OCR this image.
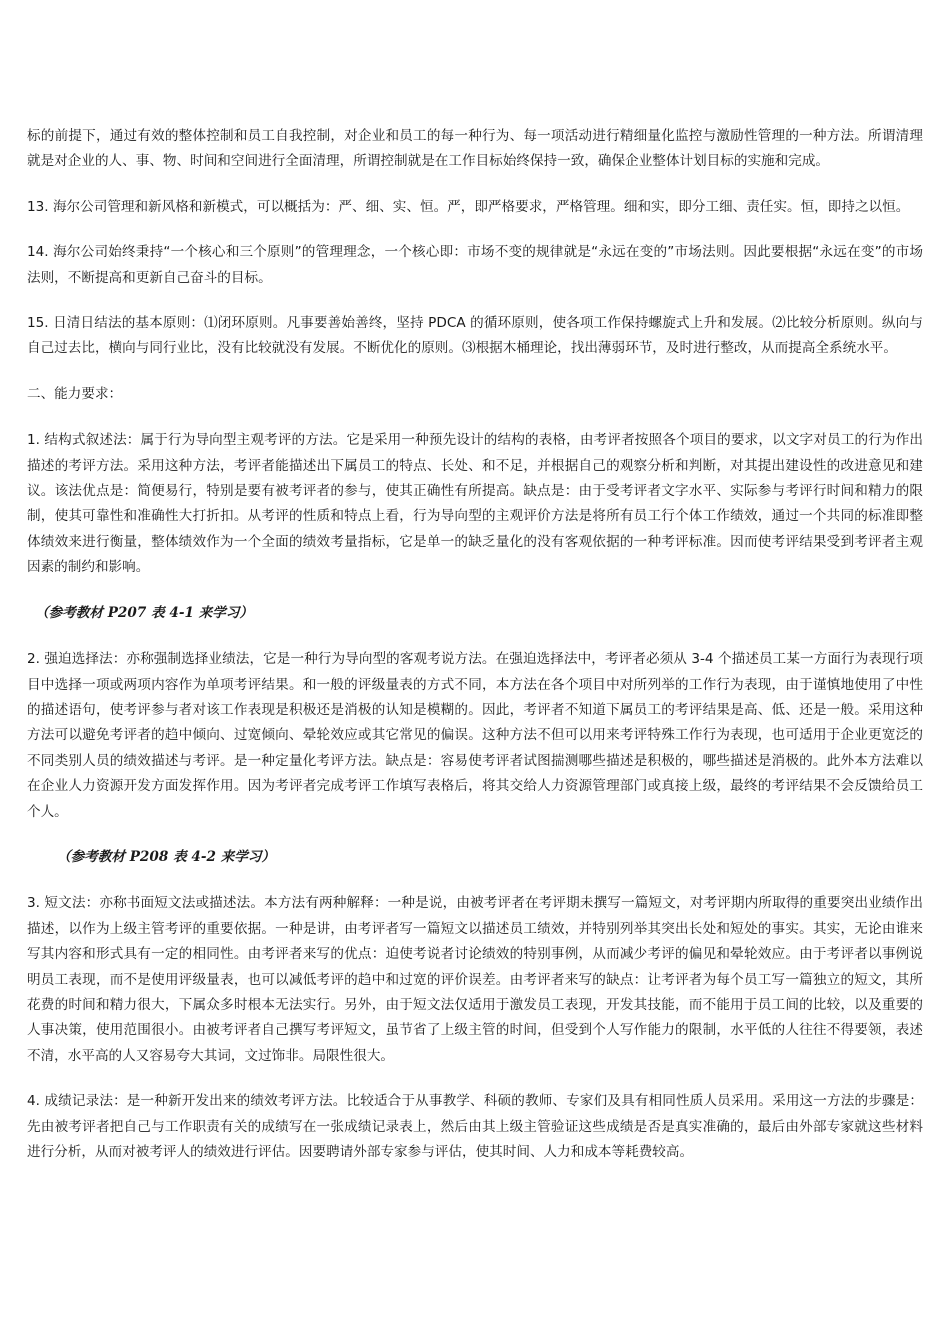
标的前提下，通过有效的整体控制和员工自我控制，对企业和员工的每一种行为、每一项活动进行精细量化监控与激励性管理的一种方法。所谓清理就是对企业的人、事、物、时间和空间进行全面清理，所谓控制就是在工作目标始终保持一致，确保企业整体计划目标的实施和完成。

13. 海尔公司管理和新风格和新模式，可以概括为：严、细、实、恒。严，即严格要求，严格管理。细和实，即分工细、责任实。恒，即持之以恒。

14. 海尔公司始终秉持“一个核心和三个原则”的管理理念，一个核心即：市场不变的规律就是“永远在变的”市场法则。因此要根据“永远在变”的市场法则，不断提高和更新自己奋斗的目标。

15. 日清日结法的基本原则：⑴闭环原则。凡事要善始善终，坚持 PDCA 的循环原则，使各项工作保持螺旋式上升和发展。⑵比较分析原则。纵向与自己过去比，横向与同行业比，没有比较就没有发展。不断优化的原则。⑶根据木桶理论，找出薄弱环节，及时进行整改，从而提高全系统水平。

二、能力要求：

1. 结构式叙述法：属于行为导向型主观考评的方法。它是采用一种预先设计的结构的表格，由考评者按照各个项目的要求，以文字对员工的行为作出描述的考评方法。采用这种方法，考评者能描述出下属员工的特点、长处、和不足，并根据自己的观察分析和判断，对其提出建设性的改进意见和建议。该法优点是：简便易行，特别是要有被考评者的参与，使其正确性有所提高。缺点是：由于受考评者文字水平、实际参与考评行时间和精力的限制，使其可靠性和准确性大打折扣。从考评的性质和特点上看，行为导向型的主观评价方法是将所有员工行个体工作绩效，通过一个共同的标准即整体绩效来进行衡量，整体绩效作为一个全面的绩效考量指标，它是单一的缺乏量化的没有客观依据的一种考评标准。因而使考评结果受到考评者主观因素的制约和影响。

（参考教材 P207 表 4-1 来学习）

2. 强迫选择法：亦称强制选择业绩法，它是一种行为导向型的客观考说方法。在强迫选择法中，考评者必须从 3-4 个描述员工某一方面行为表现行项目中选择一项或两项内容作为单项考评结果。和一般的评级量表的方式不同，本方法在各个项目中对所列举的工作行为表现，由于谨慎地使用了中性的描述语句，使考评参与者对该工作表现是积极还是消极的认知是模糊的。因此，考评者不知道下属员工的考评结果是高、低、还是一般。采用这种方法可以避免考评者的趋中倾向、过宽倾向、晕轮效应或其它常见的偏误。这种方法不但可以用来考评特殊工作行为表现，也可适用于企业更宽泛的不同类别人员的绩效描述与考评。是一种定量化考评方法。缺点是：容易使考评者试图揣测哪些描述是积极的，哪些描述是消极的。此外本方法难以在企业人力资源开发方面发挥作用。因为考评者完成考评工作填写表格后，将其交给人力资源管理部门或真接上级，最终的考评结果不会反馈给员工个人。

（参考教材 P208 表 4-2 来学习）

3. 短文法：亦称书面短文法或描述法。本方法有两种解释：一种是说，由被考评者在考评期未撰写一篇短文，对考评期内所取得的重要突出业绩作出描述，以作为上级主管考评的重要依据。一种是讲，由考评者写一篇短文以描述员工绩效，并特别列举其突出长处和短处的事实。其实，无论由谁来写其内容和形式具有一定的相同性。由考评者来写的优点：迫使考说者讨论绩效的特别事例，从而减少考评的偏见和晕轮效应。由于考评者以事例说明员工表现，而不是使用评级量表，也可以减低考评的趋中和过宽的评价误差。由考评者来写的缺点：让考评者为每个员工写一篇独立的短文，其所花费的时间和精力很大，下属众多时根本无法实行。另外，由于短文法仅适用于激发员工表现，开发其技能，而不能用于员工间的比较，以及重要的人事决策，使用范围很小。由被考评者自己撰写考评短文，虽节省了上级主管的时间，但受到个人写作能力的限制，水平低的人往往不得要领，表述不清，水平高的人又容易夸大其词，文过饰非。局限性很大。

4. 成绩记录法：是一种新开发出来的绩效考评方法。比较适合于从事教学、科硕的教师、专家们及具有相同性质人员采用。采用这一方法的步骤是：先由被考评者把自己与工作职责有关的成绩写在一张成绩记录表上，然后由其上级主管验证这些成绩是否是真实准确的，最后由外部专家就这些材料进行分析，从而对被考评人的绩效进行评估。因要聘请外部专家参与评估，使其时间、人力和成本等耗费较高。
